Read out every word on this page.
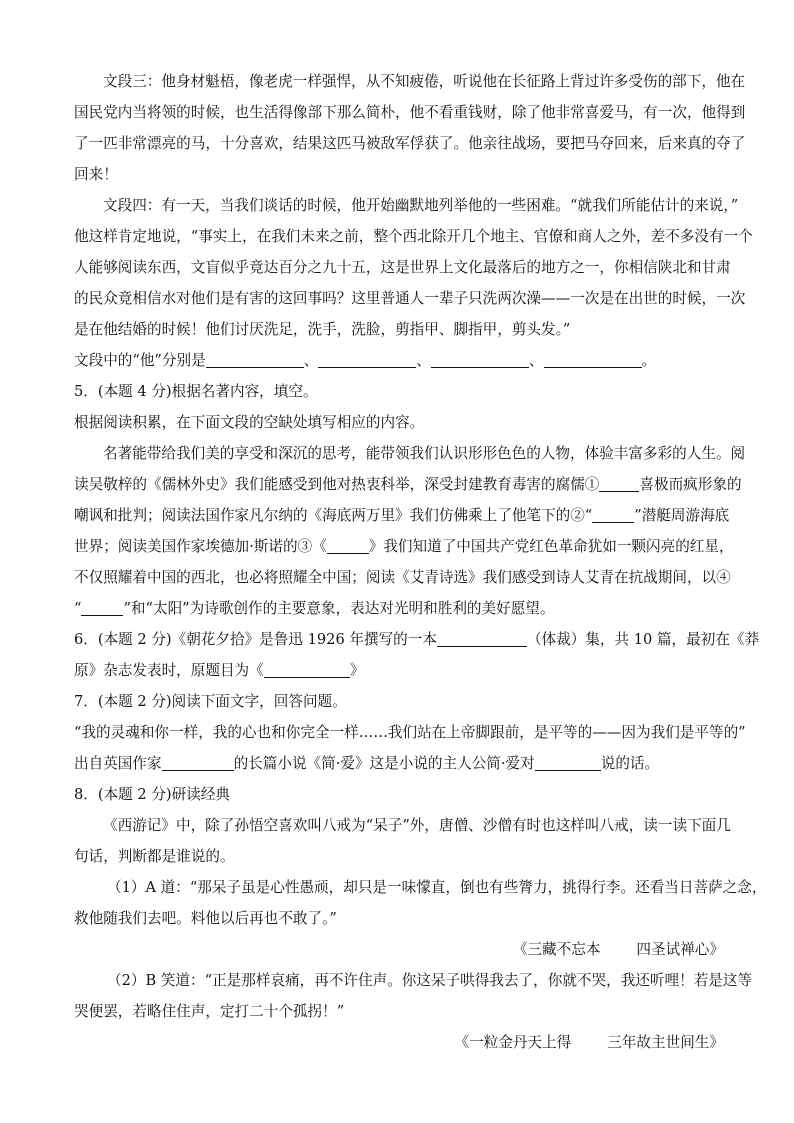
文段三：他身材魁梧，像老虎一样强悍，从不知疲倦，听说他在长征路上背过许多受伤的部下，他在
国民党内当将领的时候，也生活得像部下那么简朴，他不看重钱财，除了他非常喜爱马，有一次，他得到
了一匹非常漂亮的马，十分喜欢，结果这匹马被敌军俘获了。他亲往战场，要把马夺回来，后来真的夺了
回来！
文段四：有一天，当我们谈话的时候，他开始幽默地列举他的一些困难。“就我们所能估计的来说，”
他这样肯定地说，“事实上，在我们未来之前，整个西北除开几个地主、官僚和商人之外，差不多没有一个
人能够阅读东西，文盲似乎竟达百分之九十五，这是世界上文化最落后的地方之一，你相信陕北和甘肃
的民众竟相信水对他们是有害的这回事吗？这里普通人一辈子只洗两次澡——一次是在出世的时候，一次
是在他结婚的时候！他们讨厌洗足，洗手，洗脸，剪指甲、脚指甲，剪头发。”
文段中的“他”分别是	、	、	、	。
5．(本题 4 分)根据名著内容，填空。
根据阅读积累，在下面文段的空缺处填写相应的内容。
名著能带给我们美的享受和深沉的思考，能带领我们认识形形色色的人物，体验丰富多彩的人生。阅
读吴敬梓的《儒林外史》我们能感受到他对热衷科举，深受封建教育毒害的腐儒①	喜极而疯形象的
嘲讽和批判；阅读法国作家凡尔纳的《海底两万里》我们仿佛乘上了他笔下的②“	”潜艇周游海底
世界；阅读美国作家埃德加·斯诺的③《	》我们知道了中国共产党红色革命犹如一颗闪亮的红星，
不仅照耀着中国的西北，也必将照耀全中国；阅读《艾青诗选》我们感受到诗人艾青在抗战期间，以④
“	”和“太阳”为诗歌创作的主要意象，表达对光明和胜利的美好愿望。
6．(本题 2 分)《朝花夕拾》是鲁迅 1926 年撰写的一本	（体裁）集，共 10 篇，最初在《莽
原》杂志发表时，原题目为《	》
7．(本题 2 分)阅读下面文字，回答问题。
“我的灵魂和你一样，我的心也和你完全一样……我们站在上帝脚跟前，是平等的——因为我们是平等的”
出自英国作家	的长篇小说《简·爱》这是小说的主人公简·爱对	说的话。
8．(本题 2 分)研读经典
《西游记》中，除了孙悟空喜欢叫八戒为“呆子”外，唐僧、沙僧有时也这样叫八戒，读一读下面几
句话，判断都是谁说的。
（1）A 道：“那呆子虽是心性愚顽，却只是一味懞直，倒也有些膂力，挑得行李。还看当日菩萨之念，
救他随我们去吧。料他以后再也不敢了。”
《三藏不忘本 四圣试禅心》
（2）B 笑道：“正是那样哀痛，再不许住声。你这呆子哄得我去了，你就不哭，我还听哩！若是这等
哭便罢，若略住住声，定打二十个孤拐！”
《一粒金丹天上得 三年故主世间生》
